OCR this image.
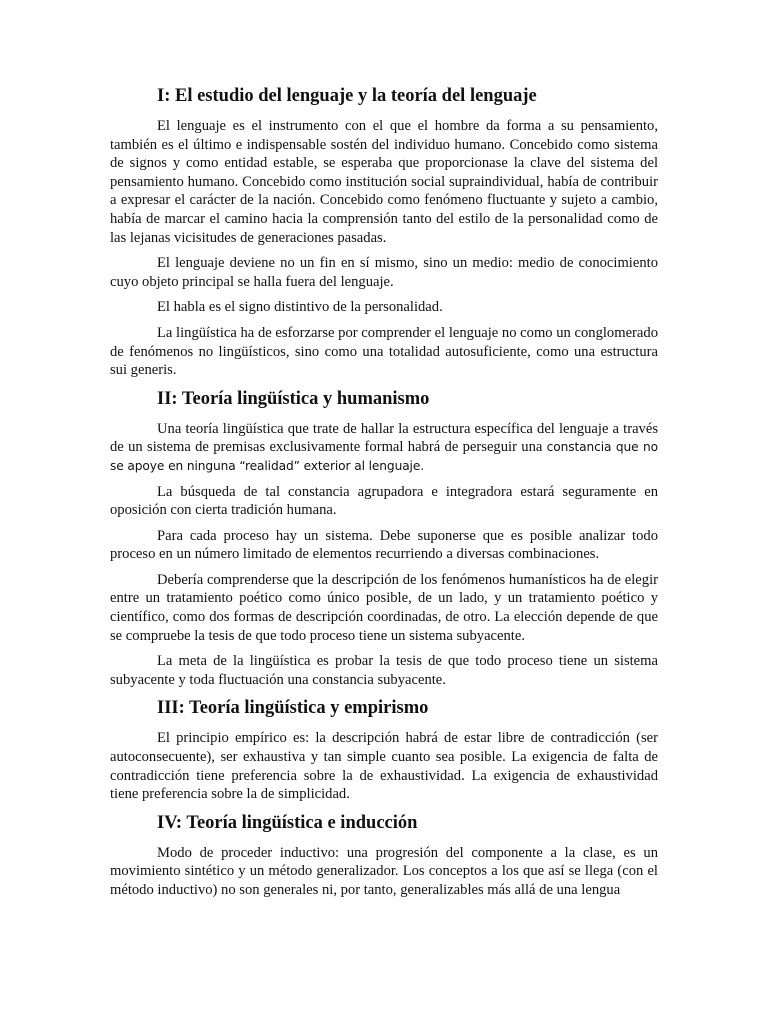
I: El estudio del lenguaje y la teoría del lenguaje

El lenguaje es el instrumento con el que el hombre da forma a su pensamiento, también es el último e indispensable sostén del individuo humano. Concebido como sistema de signos y como entidad estable, se esperaba que proporcionase la clave del sistema del pensamiento humano. Concebido como institución social supraindividual, había de contribuir a expresar el carácter de la nación. Concebido como fenómeno fluctuante y sujeto a cambio, había de marcar el camino hacia la comprensión tanto del estilo de la personalidad como de las lejanas vicisitudes de generaciones pasadas.

El lenguaje deviene no un fin en sí mismo, sino un medio: medio de conocimiento cuyo objeto principal se halla fuera del lenguaje.

El habla es el signo distintivo de la personalidad.

La lingüística ha de esforzarse por comprender el lenguaje no como un conglomerado de fenómenos no lingüísticos, sino como una totalidad autosuficiente, como una estructura sui generis.

II: Teoría lingüística y humanismo

Una teoría lingüística que trate de hallar la estructura específica del lenguaje a través de un sistema de premisas exclusivamente formal habrá de perseguir una constancia que no se apoye en ninguna “realidad” exterior al lenguaje.

La búsqueda de tal constancia agrupadora e integradora estará seguramente en oposición con cierta tradición humana.

Para cada proceso hay un sistema. Debe suponerse que es posible analizar todo proceso en un número limitado de elementos recurriendo a diversas combinaciones.

Debería comprenderse que la descripción de los fenómenos humanísticos ha de elegir entre un tratamiento poético como único posible, de un lado, y un tratamiento poético y científico, como dos formas de descripción coordinadas, de otro. La elección depende de que se compruebe la tesis de que todo proceso tiene un sistema subyacente.

La meta de la lingüística es probar la tesis de que todo proceso tiene un sistema subyacente y toda fluctuación una constancia subyacente.

III: Teoría lingüística y empirismo

El principio empírico es: la descripción habrá de estar libre de contradicción (ser autoconsecuente), ser exhaustiva y tan simple cuanto sea posible. La exigencia de falta de contradicción tiene preferencia sobre la de exhaustividad. La exigencia de exhaustividad tiene preferencia sobre la de simplicidad.

IV: Teoría lingüística e inducción

Modo de proceder inductivo: una progresión del componente a la clase, es un movimiento sintético y un método generalizador. Los conceptos a los que así se llega (con el método inductivo) no son generales ni, por tanto, generalizables más allá de una lengua
